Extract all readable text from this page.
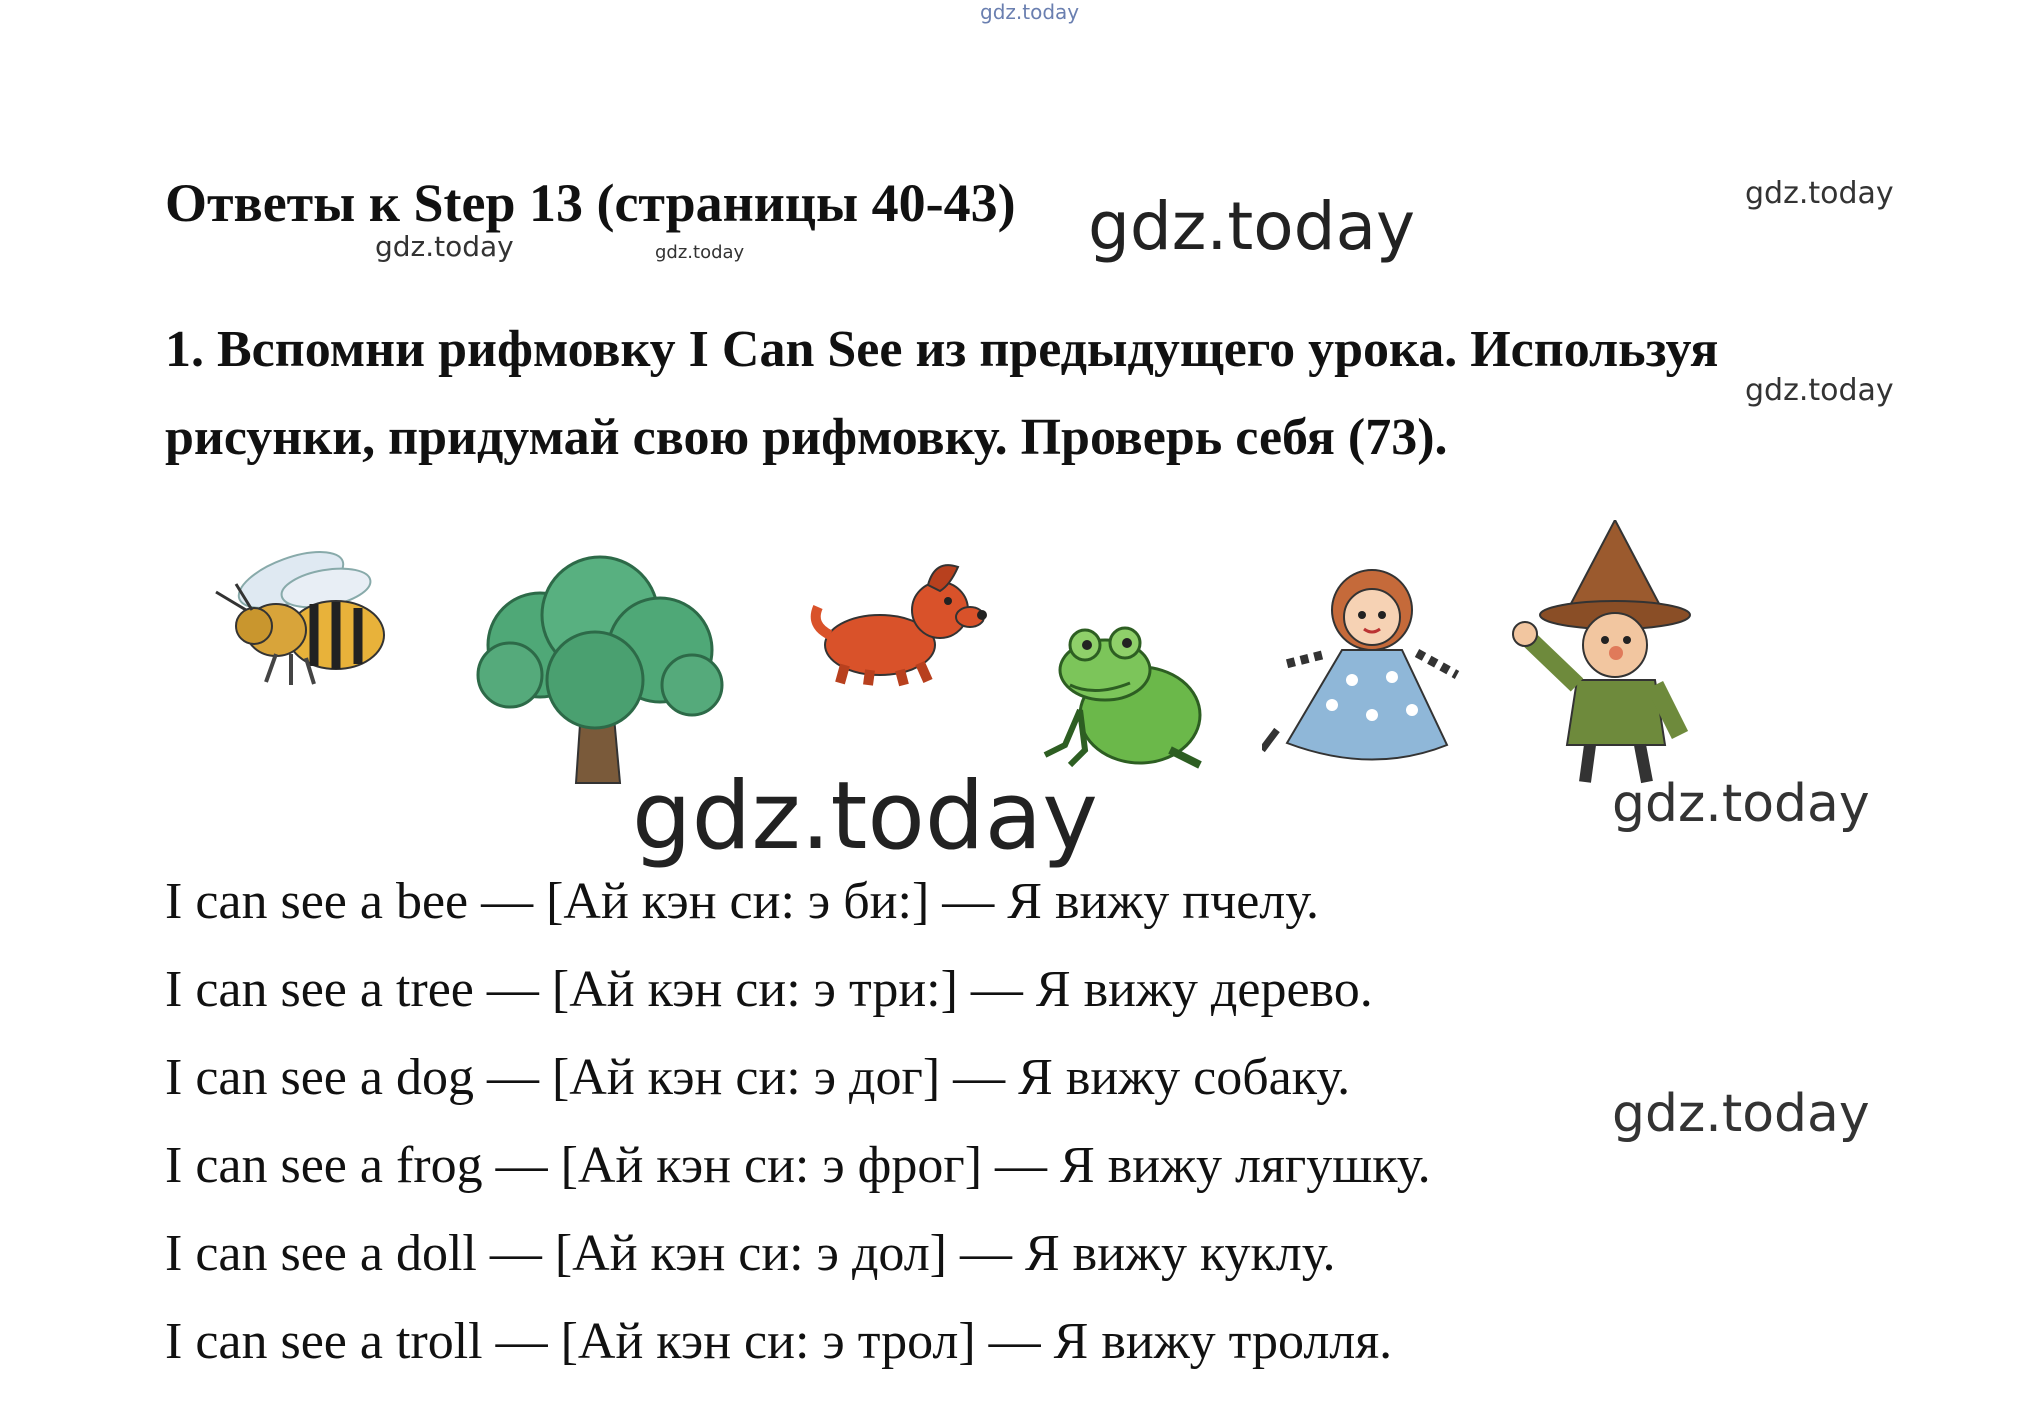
gdz.today
gdz.today	gdz.today
gdz.today	gdz.today
gdz.today
gdz.today	gdz.today
gdz.today
Ответы к Step 13 (страницы 40-43)
1. Вспомни рифмовку I Can See из предыдущего урока. Используя
рисунки, придумай свою рифмовку. Проверь себя (73).
I can see a bee — [Ай кэн си: э би:] — Я вижу пчелу.
I can see a tree — [Ай кэн си: э три:] — Я вижу дерево.
I can see a dog — [Ай кэн си: э дог] — Я вижу собаку.
I can see a frog — [Ай кэн си: э фрог] — Я вижу лягушку.
I can see a doll — [Ай кэн си: э дол] — Я вижу куклу.
I can see a troll — [Ай кэн си: э трол] — Я вижу тролля.
